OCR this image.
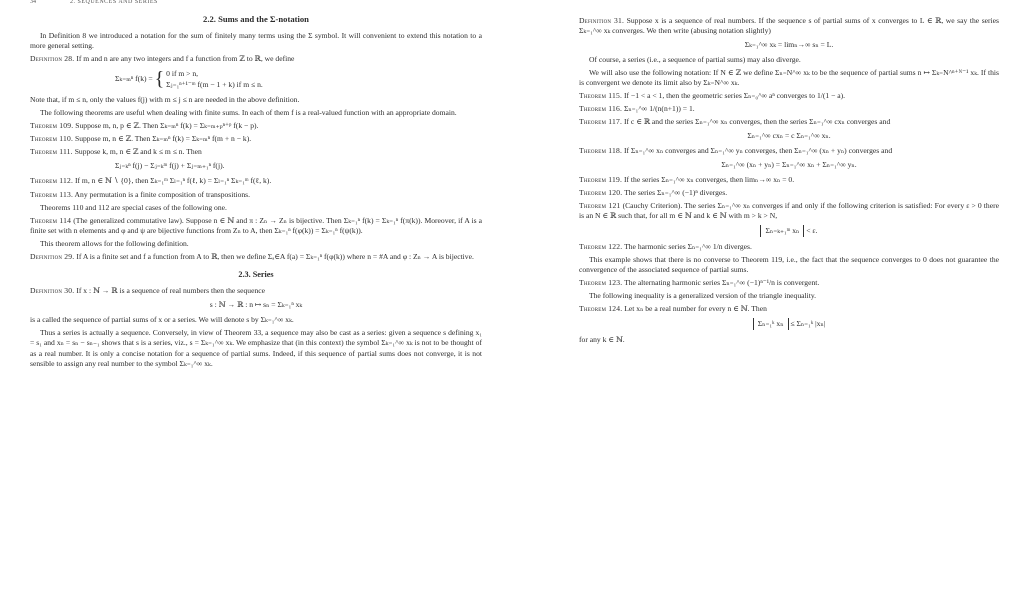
34	2. SEQUENCES AND SERIES
2.2. Sums and the Σ-notation

In Definition 8 we introduced a notation for the sum of finitely many terms using the Σ symbol. It will convenient to extend this notation to a more general setting.

Definition 28. If m and n are any two integers and f a function from ℤ to ℝ, we define

Σₖ₌ₘⁿ f(k) = { 0 if m > n,
Σⱼ₌₁ⁿ⁺¹⁻ᵐ f(m − 1 + k) if m ≤ n.

Note that, if m ≤ n, only the values f(j) with m ≤ j ≤ n are needed in the above definition.

The following theorems are useful when dealing with finite sums. In each of them f is a real-valued function with an appropriate domain.

Theorem 109. Suppose m, n, p ∈ ℤ. Then Σₖ₌ₘⁿ f(k) = Σₖ₌ₘ₊ₚⁿ⁺ᵖ f(k − p).

Theorem 110. Suppose m, n ∈ ℤ. Then Σₖ₌ₘⁿ f(k) = Σₖ₌ₘⁿ f(m + n − k).

Theorem 111. Suppose k, m, n ∈ ℤ and k ≤ m ≤ n. Then

Σⱼ₌ₖⁿ f(j) − Σⱼ₌ₖᵐ f(j) + Σⱼ₌ₘ₊₁ⁿ f(j).

Theorem 112. If m, n ∈ ℕ ∖ {0}, then Σₖ₌₁ᵐ Σₗ₌₁ⁿ f(ℓ, k) = Σₗ₌₁ⁿ Σₖ₌₁ᵐ f(ℓ, k).

Theorem 113. Any permutation is a finite composition of transpositions.

Theorems 110 and 112 are special cases of the following one.

Theorem 114 (The generalized commutative law). Suppose n ∈ ℕ and π : Zₙ → Zₙ is bijective. Then Σₖ₌₁ⁿ f(k) = Σₖ₌₁ⁿ f(π(k)). Moreover, if A is a finite set with n elements and φ and ψ are bijective functions from Zₙ to A, then Σₖ₌₁ⁿ f(φ(k)) = Σₖ₌₁ⁿ f(ψ(k)).

This theorem allows for the following definition.

Definition 29. If A is a finite set and f a function from A to ℝ, then we define Σₐ∈A f(a) = Σₖ₌₁ⁿ f(φ(k)) where n = #A and φ : Zₙ → A is bijective.

2.3. Series

Definition 30. If x : ℕ → ℝ is a sequence of real numbers then the sequence

s : ℕ → ℝ : n ↦ sₙ = Σₖ₌₁ⁿ xₖ

is a called the sequence of partial sums of x or a series. We will denote s by Σₖ₌₁^∞ xₖ.

Thus a series is actually a sequence. Conversely, in view of Theorem 33, a sequence may also be cast as a series: given a sequence s defining x₁ = s₁ and xₙ = sₙ − sₙ₋₁ shows that s is a series, viz., s = Σₖ₌₁^∞ xₖ. We emphasize that (in this context) the symbol Σₖ₌₁^∞ xₖ is not to be thought of as a real number. It is only a concise notation for a sequence of partial sums. Indeed, if this sequence of partial sums does not converge, it is not sensible to assign any real number to the symbol Σₖ₌₁^∞ xₖ.

Definition 31. Suppose x is a sequence of real numbers. If the sequence s of partial sums of x converges to L ∈ ℝ, we say the series Σₖ₌₁^∞ xₖ converges. We then write (abusing notation slightly)

Σₖ₌₁^∞ xₖ = limₙ→∞ sₙ = L.

Of course, a series (i.e., a sequence of partial sums) may also diverge.

We will also use the following notation: If N ∈ ℤ we define Σₙ₌N^∞ xₖ to be the sequence of partial sums n ↦ Σₖ₌N^ⁿ⁺ᴺ⁻¹ xₖ. If this is convergent we denote its limit also by Σₖ₌N^∞ xₖ.

Theorem 115. If −1 < a < 1, then the geometric series Σₙ₌₀^∞ aⁿ converges to 1/(1 − a).

Theorem 116. Σₙ₌₁^∞ 1/(n(n+1)) = 1.

Theorem 117. If c ∈ ℝ and the series Σₙ₌₁^∞ xₙ converges, then the series Σₙ₌₁^∞ cxₙ converges and

Σₙ₌₁^∞ cxₙ = c Σₙ₌₁^∞ xₙ.

Theorem 118. If Σₙ₌₁^∞ xₙ converges and Σₙ₌₁^∞ yₙ converges, then Σₙ₌₁^∞ (xₙ + yₙ) converges and

Σₙ₌₁^∞ (xₙ + yₙ) = Σₙ₌₁^∞ xₙ + Σₙ₌₁^∞ yₙ.

Theorem 119. If the series Σₙ₌₁^∞ xₙ converges, then limₙ→∞ xₙ = 0.

Theorem 120. The series Σₙ₌₁^∞ (−1)ⁿ diverges.

Theorem 121 (Cauchy Criterion). The series Σₙ₌₁^∞ xₙ converges if and only if the following criterion is satisfied: For every ε > 0 there is an N ∈ ℝ such that, for all m ∈ ℕ and k ∈ ℕ with m > k > N,

Σₙ₌ₖ₊₁ᵐ xₙ < ε.

Theorem 122. The harmonic series Σₙ₌₁^∞ 1/n diverges.

This example shows that there is no converse to Theorem 119, i.e., the fact that the sequence converges to 0 does not guarantee the convergence of the associated sequence of partial sums.

Theorem 123. The alternating harmonic series Σₙ₌₁^∞ (−1)ⁿ⁻¹/n is convergent.

The following inequality is a generalized version of the triangle inequality.

Theorem 124. Let xₙ be a real number for every n ∈ ℕ. Then

Σₙ₌₁ᵏ xₙ ≤ Σₙ₌₁ᵏ |xₙ|

for any k ∈ ℕ.
